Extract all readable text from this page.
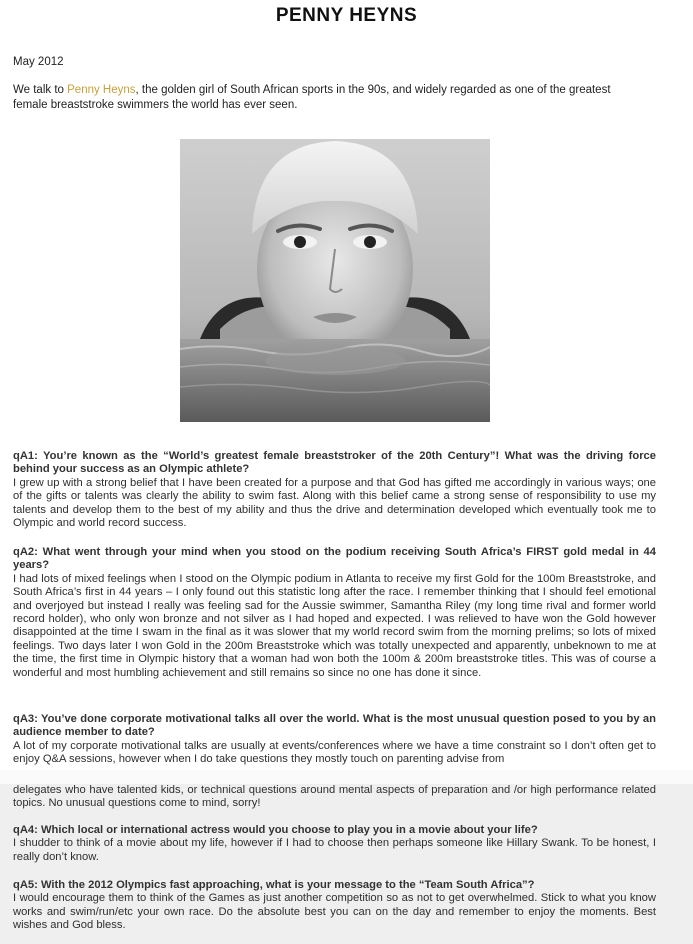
PENNY HEYNS
May 2012

We talk to Penny Heyns, the golden girl of South African sports in the 90s, and widely regarded as one of the greatest female breaststroke swimmers the world has ever seen.

qA1: You’re known as the “World’s greatest female breaststroker of the 20th Century”! What was the driving force behind your success as an Olympic athlete?
I grew up with a strong belief that I have been created for a purpose and that God has gifted me accordingly in various ways; one of the gifts or talents was clearly the ability to swim fast. Along with this belief came a strong sense of responsibility to use my talents and develop them to the best of my ability and thus the drive and determination developed which eventually took me to Olympic and world record success.
qA2: What went through your mind when you stood on the podium receiving South Africa’s FIRST gold medal in 44 years?
I had lots of mixed feelings when I stood on the Olympic podium in Atlanta to receive my first Gold for the 100m Breaststroke, and South Africa’s first in 44 years – I only found out this statistic long after the race. I remember thinking that I should feel emotional and overjoyed but instead I really was feeling sad for the Aussie swimmer, Samantha Riley (my long time rival and former world record holder), who only won bronze and not silver as I had hoped and expected. I was relieved to have won the Gold however disappointed at the time I swam in the final as it was slower that my world record swim from the morning prelims; so lots of mixed feelings. Two days later I won Gold in the 200m Breaststroke which was totally unexpected and apparently, unbeknown to me at the time, the first time in Olympic history that a woman had won both the 100m & 200m breaststroke titles. This was of course a wonderful and most humbling achievement and still remains so since no one has done it since.
qA3: You’ve done corporate motivational talks all over the world. What is the most unusual question posed to you by an audience member to date?
A lot of my corporate motivational talks are usually at events/conferences where we have a time constraint so I don’t often get to enjoy Q&A sessions, however when I do take questions they mostly touch on parenting advise from
delegates who have talented kids, or technical questions around mental aspects of preparation and /or high performance related topics. No unusual questions come to mind, sorry!
qA4: Which local or international actress would you choose to play you in a movie about your life?
I shudder to think of a movie about my life, however if I had to choose then perhaps someone like Hillary Swank. To be honest, I really don’t know.
qA5: With the 2012 Olympics fast approaching, what is your message to the “Team South Africa”?
I would encourage them to think of the Games as just another competition so as not to get overwhelmed. Stick to what you know works and swim/run/etc your own race. Do the absolute best you can on the day and remember to enjoy the moments. Best wishes and God bless.
